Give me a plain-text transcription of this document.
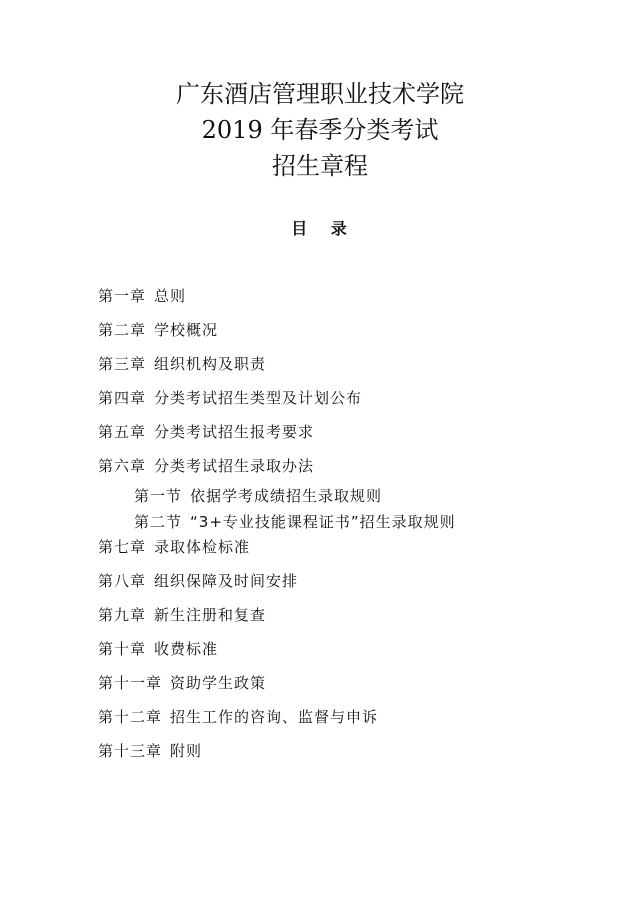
广东酒店管理职业技术学院
2019 年春季分类考试
招生章程
目 录
第一章 总则
第二章 学校概况
第三章 组织机构及职责
第四章 分类考试招生类型及计划公布
第五章 分类考试招生报考要求
第六章 分类考试招生录取办法
第一节 依据学考成绩招生录取规则
第二节 “3+专业技能课程证书”招生录取规则
第七章 录取体检标准
第八章 组织保障及时间安排
第九章 新生注册和复查
第十章 收费标准
第十一章 资助学生政策
第十二章 招生工作的咨询、监督与申诉
第十三章 附则
